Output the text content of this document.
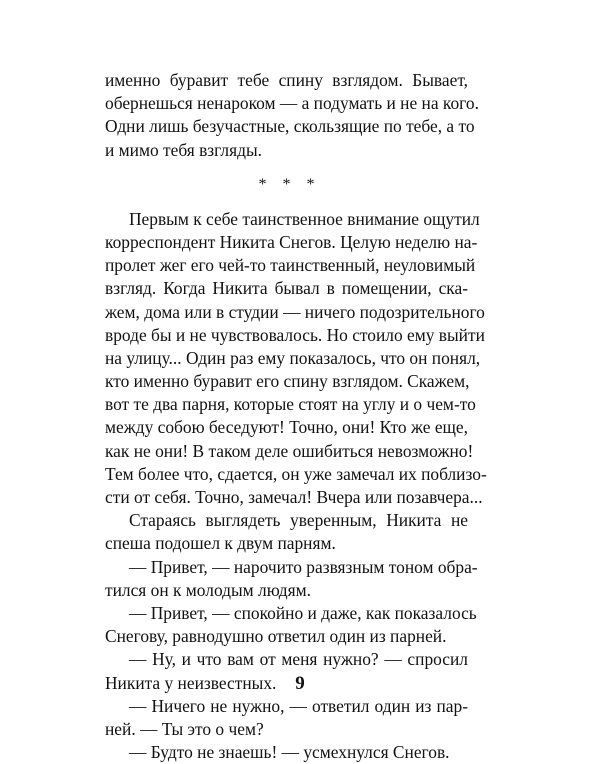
именно буравит тебе спину взглядом. Бывает,
обернешься ненароком — а подумать и не на кого.
Одни лишь безучастные, скользящие по тебе, а то
и мимо тебя взгляды.
* * *
Первым к себе таинственное внимание ощутил
корреспондент Никита Снегов. Целую неделю на-
пролет жег его чей-то таинственный, неуловимый
взгляд. Когда Никита бывал в помещении, ска-
жем, дома или в студии — ничего подозрительного
вроде бы и не чувствовалось. Но стоило ему выйти
на улицу... Один раз ему показалось, что он понял,
кто именно буравит его спину взглядом. Скажем,
вот те два парня, которые стоят на углу и о чем-то
между собою беседуют! Точно, они! Кто же еще,
как не они! В таком деле ошибиться невозможно!
Тем более что, сдается, он уже замечал их поблизо-
сти от себя. Точно, замечал! Вчера или позавчера...
Стараясь выглядеть уверенным, Никита не
спеша подошел к двум парням.
— Привет, — нарочито развязным тоном обра-
тился он к молодым людям.
— Привет, — спокойно и даже, как показалось
Снегову, равнодушно ответил один из парней.
— Ну, и что вам от меня нужно? — спросил
Никита у неизвестных.
— Ничего не нужно, — ответил один из пар-
ней. — Ты это о чем?
— Будто не знаешь! — усмехнулся Снегов.
9
